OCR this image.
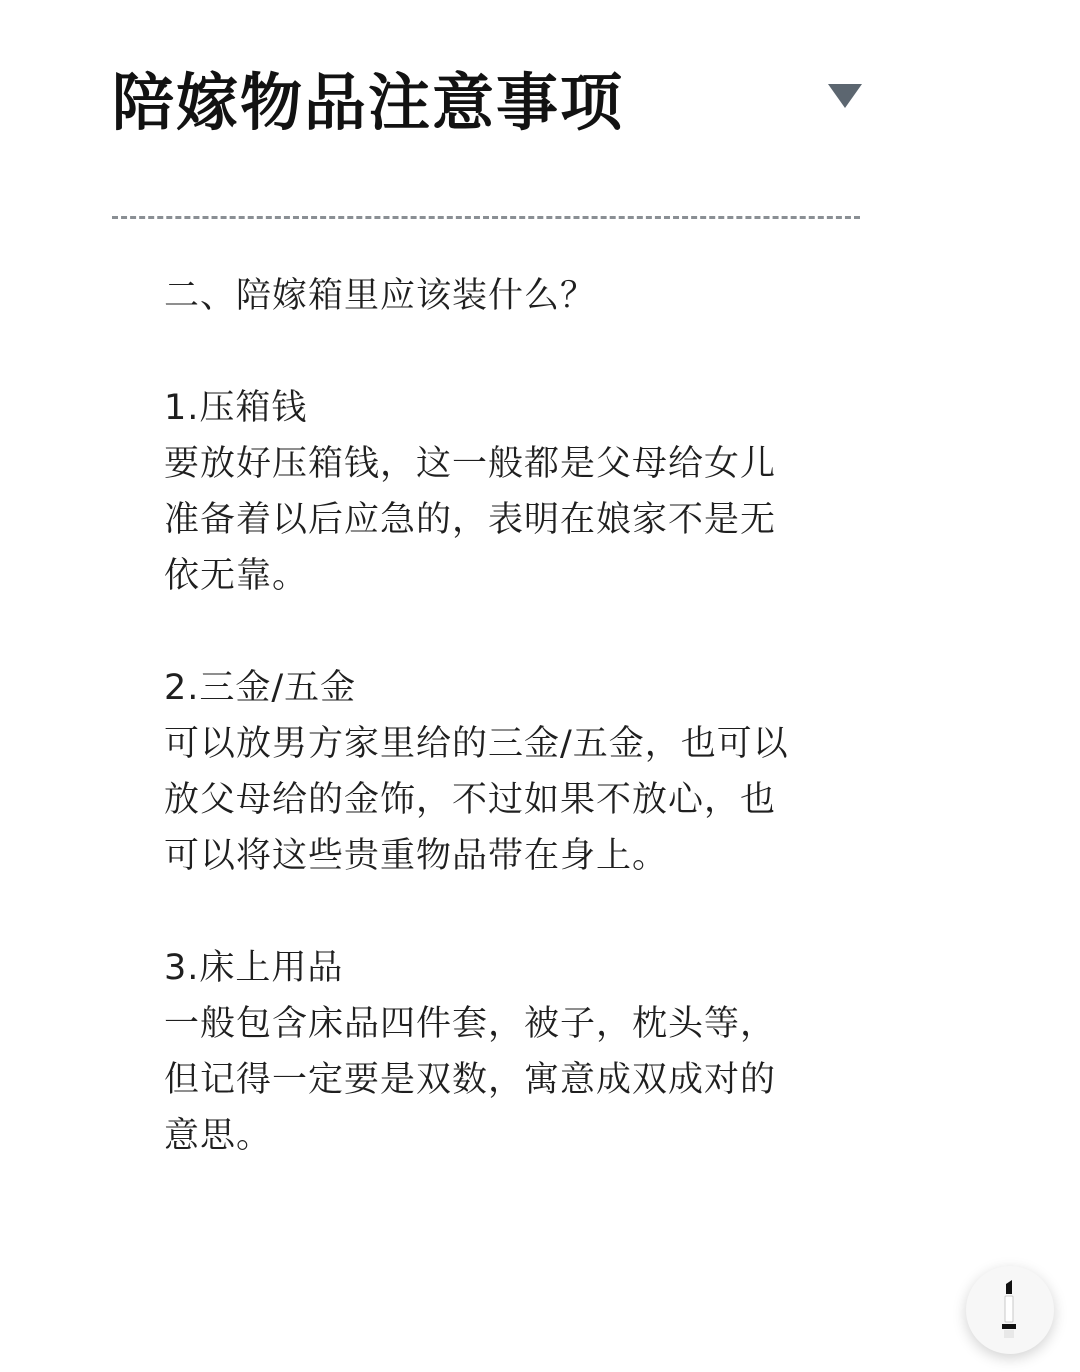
陪嫁物品注意事项

二、陪嫁箱里应该装什么？

1.压箱钱

要放好压箱钱，这一般都是父母给女儿

准备着以后应急的，表明在娘家不是无

依无靠。

2.三金/五金

可以放男方家里给的三金/五金，也可以

放父母给的金饰，不过如果不放心，也

可以将这些贵重物品带在身上。

3.床上用品

一般包含床品四件套，被子，枕头等，

但记得一定要是双数，寓意成双成对的

意思。
